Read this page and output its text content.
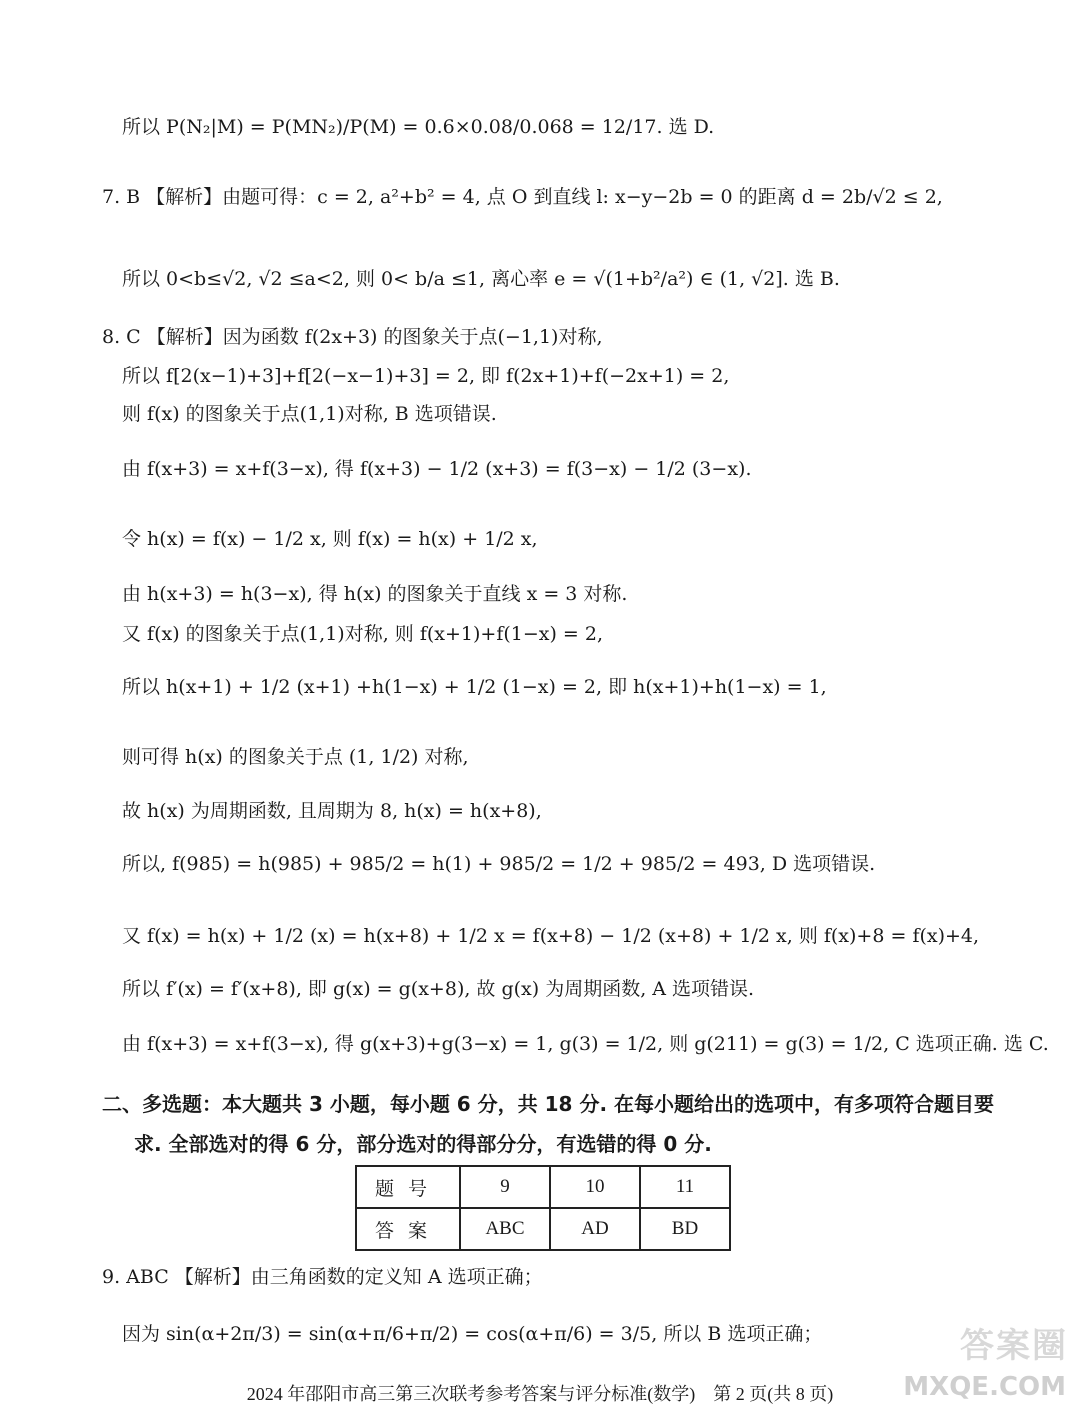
所以 P(N₂|M) = P(MN₂)/P(M) = 0.6×0.08/0.068 = 12/17. 选 D.
7. B 【解析】由题可得：c = 2, a²+b² = 4, 点 O 到直线 l: x−y−2b = 0 的距离 d = 2b/√2 ≤ 2,
所以 0<b≤√2, √2 ≤a<2, 则 0< b/a ≤1, 离心率 e = √(1+b²/a²) ∈ (1, √2]. 选 B.
8. C 【解析】因为函数 f(2x+3) 的图象关于点(−1,1)对称,
所以 f[2(x−1)+3]+f[2(−x−1)+3] = 2, 即 f(2x+1)+f(−2x+1) = 2,
则 f(x) 的图象关于点(1,1)对称, B 选项错误.
由 f(x+3) = x+f(3−x), 得 f(x+3) − 1/2 (x+3) = f(3−x) − 1/2 (3−x).
令 h(x) = f(x) − 1/2 x, 则 f(x) = h(x) + 1/2 x,
由 h(x+3) = h(3−x), 得 h(x) 的图象关于直线 x = 3 对称.
又 f(x) 的图象关于点(1,1)对称, 则 f(x+1)+f(1−x) = 2,
所以 h(x+1) + 1/2 (x+1) +h(1−x) + 1/2 (1−x) = 2, 即 h(x+1)+h(1−x) = 1,
则可得 h(x) 的图象关于点 (1, 1/2) 对称,
故 h(x) 为周期函数, 且周期为 8, h(x) = h(x+8),
所以, f(985) = h(985) + 985/2 = h(1) + 985/2 = 1/2 + 985/2 = 493, D 选项错误.
又 f(x) = h(x) + 1/2 (x) = h(x+8) + 1/2 x = f(x+8) − 1/2 (x+8) + 1/2 x, 则 f(x)+8 = f(x)+4,
所以 f′(x) = f′(x+8), 即 g(x) = g(x+8), 故 g(x) 为周期函数, A 选项错误.
由 f(x+3) = x+f(3−x), 得 g(x+3)+g(3−x) = 1, g(3) = 1/2, 则 g(211) = g(3) = 1/2, C 选项正确. 选 C.
二、多选题：本大题共 3 小题，每小题 6 分，共 18 分. 在每小题给出的选项中，有多项符合题目要
求. 全部选对的得 6 分，部分选对的得部分分，有选错的得 0 分.
题号	9	10	11
答案	ABC	AD	BD
9. ABC 【解析】由三角函数的定义知 A 选项正确；
因为 sin(α+2π/3) = sin(α+π/6+π/2) = cos(α+π/6) = 3/5, 所以 B 选项正确；
2024 年邵阳市高三第三次联考参考答案与评分标准(数学)　第 2 页(共 8 页)
答案圈
MXQE.COM
